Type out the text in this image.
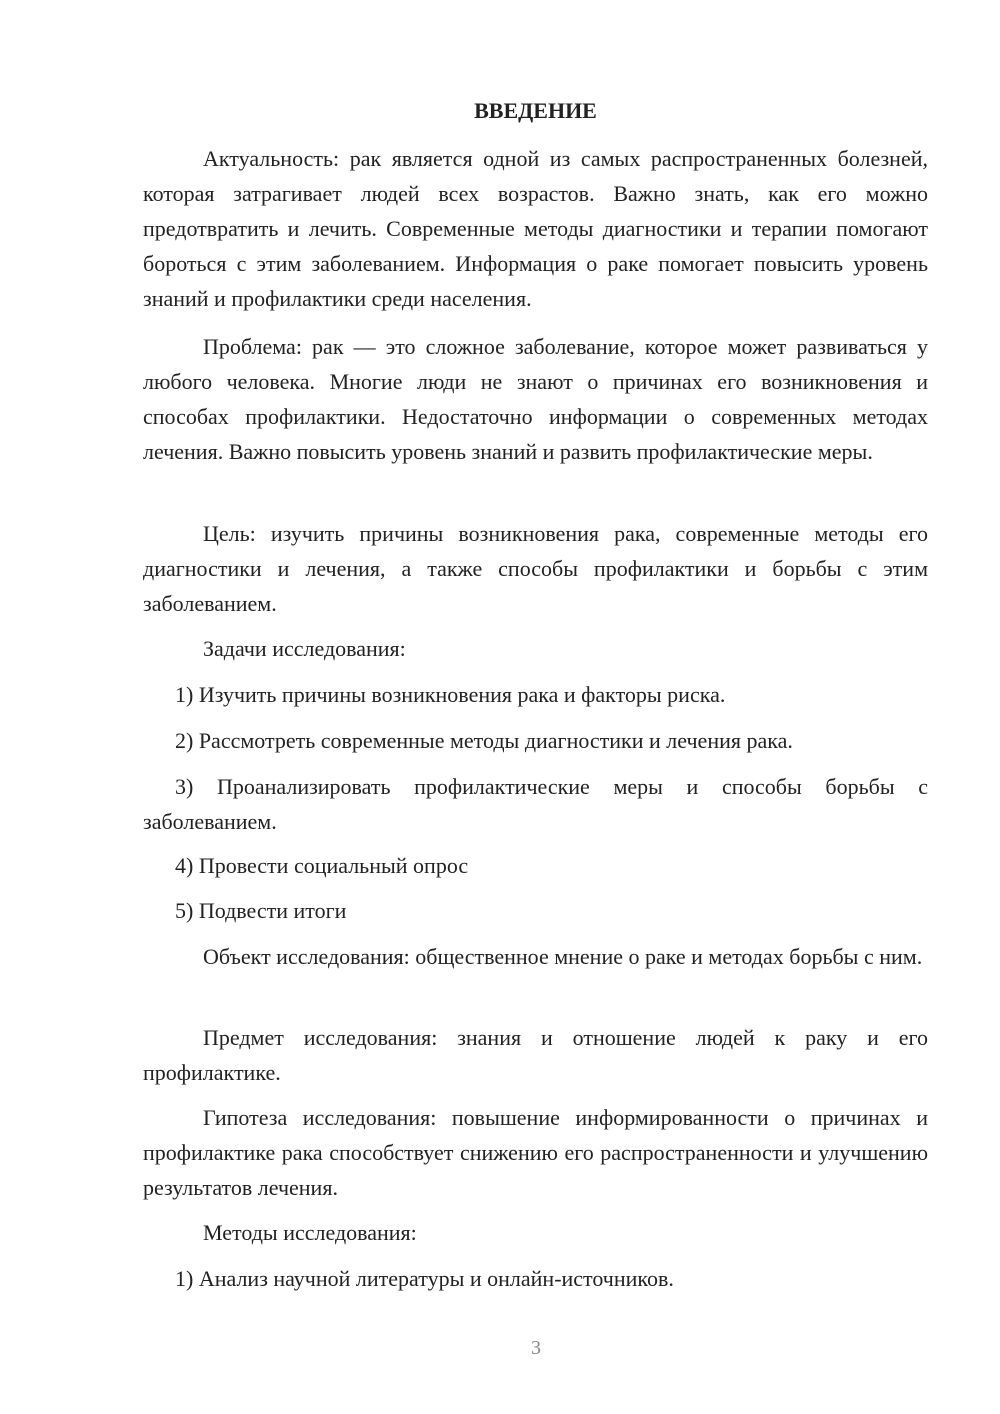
ВВЕДЕНИЕ

Актуальность: рак является одной из самых распространенных болезней, которая затрагивает людей всех возрастов. Важно знать, как его можно предотвратить и лечить. Современные методы диагностики и терапии помогают бороться с этим заболеванием. Информация о раке помогает повысить уровень знаний и профилактики среди населения.

Проблема: рак — это сложное заболевание, которое может развиваться у любого человека. Многие люди не знают о причинах его возникновения и способах профилактики. Недостаточно информации о современных методах лечения. Важно повысить уровень знаний и развить профилактические меры.

Цель: изучить причины возникновения рака, современные методы его диагностики и лечения, а также способы профилактики и борьбы с этим заболеванием.

Задачи исследования:

1) Изучить причины возникновения рака и факторы риска.

2) Рассмотреть современные методы диагностики и лечения рака.

3) Проанализировать профилактические меры и способы борьбы с заболеванием.

4) Провести социальный опрос

5) Подвести итоги

Объект исследования: общественное мнение о раке и методах борьбы с ним.

Предмет исследования: знания и отношение людей к раку и его профилактике.

Гипотеза исследования: повышение информированности о причинах и профилактике рака способствует снижению его распространенности и улучшению результатов лечения.

Методы исследования:

1) Анализ научной литературы и онлайн-источников.

3
